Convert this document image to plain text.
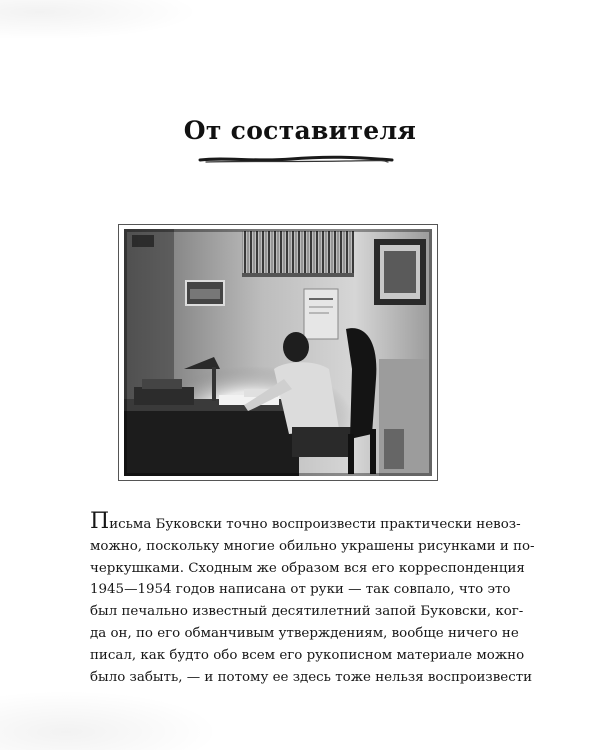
От составителя
Письма Буковски точно воспроизвести практически невоз-
можно, поскольку многие обильно украшены рисунками и по-
черкушками. Сходным же образом вся его корреспонденция
1945—1954 годов написана от руки — так совпало, что это
был печально известный десятилетний запой Буковски, ког-
да он, по его обманчивым утверждениям, вообще ничего не
писал, как будто обо всем его рукописном материале можно
было забыть, — и потому ее здесь тоже нельзя воспроизвести
